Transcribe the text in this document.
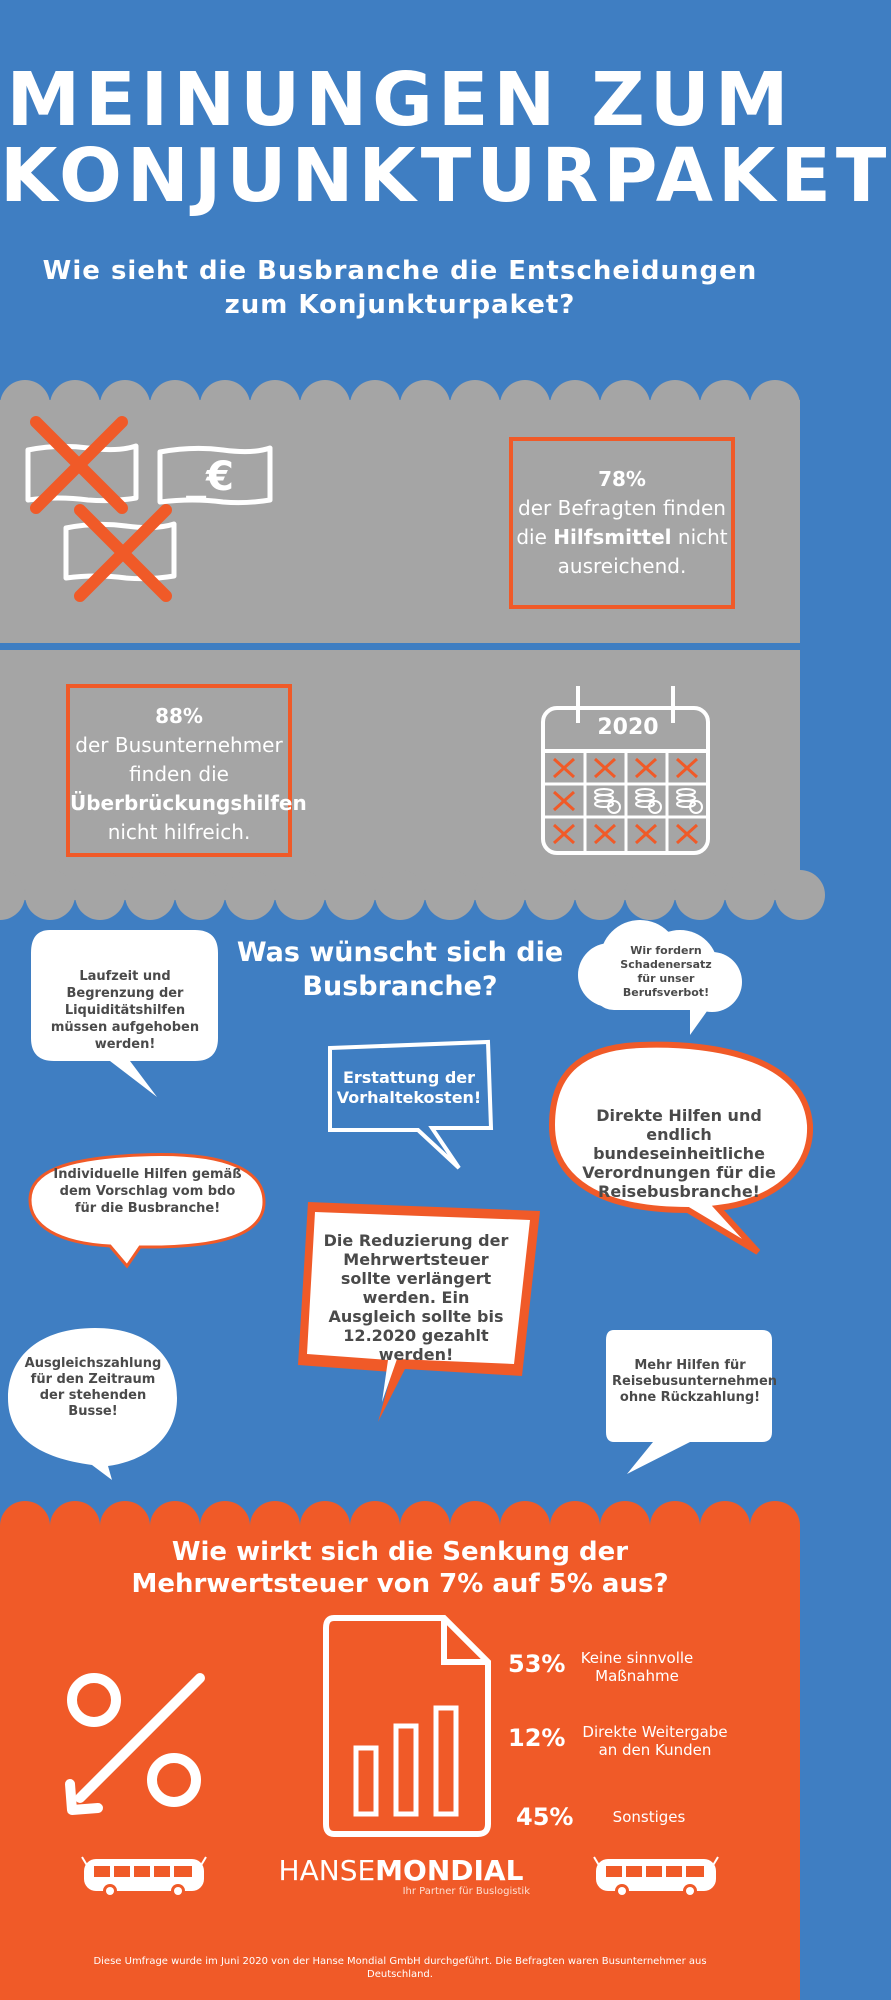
MEINUNGEN ZUM
KONJUNKTURPAKET
Wie sieht die Busbranche die Entscheidungen
zum Konjunkturpaket?
_€	78%
der Befragten finden
die Hilfsmittel nicht
ausreichend.
88%
der Busunternehmer
finden die
Überbrückungshilfen
nicht hilfreich.
2020
Was wünscht sich die
Busbranche?
Laufzeit und Begrenzung der Liquiditätshilfen müssen aufgehoben werden!
Wir fordern Schadenersatz für unser Berufsverbot!
Erstattung der Vorhaltekosten!
Direkte Hilfen und endlich bundeseinheitliche Verordnungen für die Reisebusbranche!
Individuelle Hilfen gemäß dem Vorschlag vom bdo für die Busbranche!
Die Reduzierung der Mehrwertsteuer sollte verlängert werden. Ein Ausgleich sollte bis 12.2020 gezahlt werden!
Ausgleichszahlung für den Zeitraum der stehenden Busse!
Mehr Hilfen für Reisebusunternehmen ohne Rückzahlung!
Wie wirkt sich die Senkung der
Mehrwertsteuer von 7% auf 5% aus?
53%	Keine sinnvolle
Maßnahme
12% Direkte Weitergabe
an den Kunden
45%	Sonstiges
HANSEMONDIAL
Ihr Partner für Buslogistik
Diese Umfrage wurde im Juni 2020 von der Hanse Mondial GmbH durchgeführt. Die Befragten waren Busunternehmer aus Deutschland.
